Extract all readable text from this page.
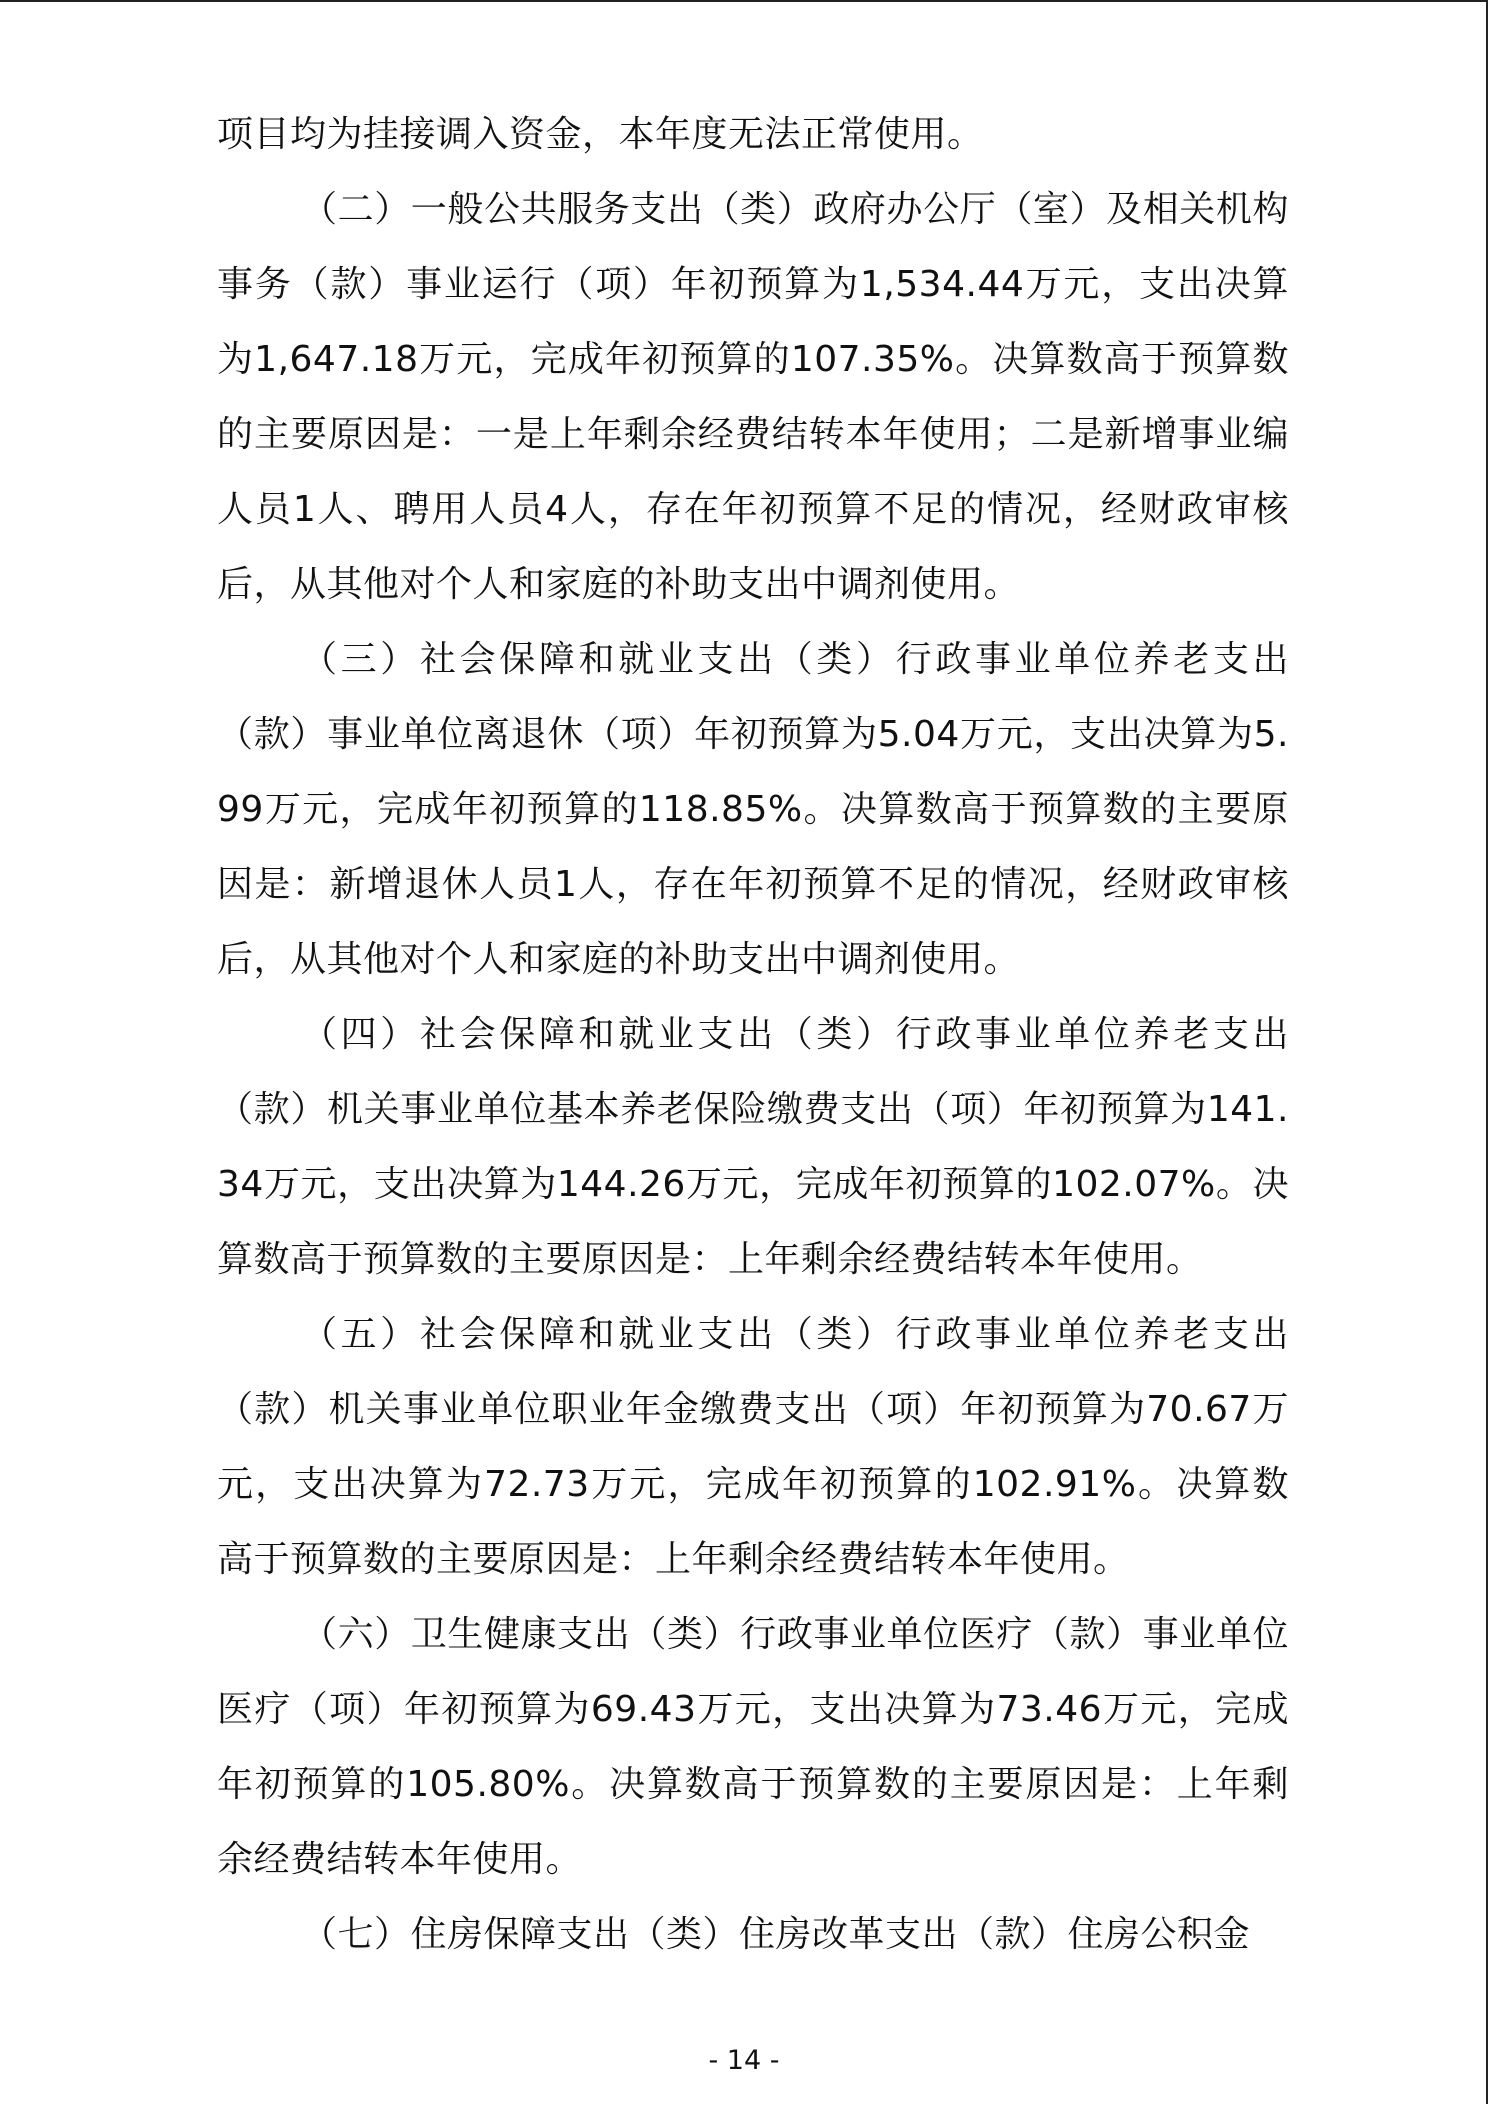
项目均为挂接调入资金，本年度无法正常使用。

（二）一般公共服务支出（类）政府办公厅（室）及相关机构事务（款）事业运行（项）年初预算为1,534.44万元，支出决算为1,647.18万元，完成年初预算的107.35%。决算数高于预算数的主要原因是：一是上年剩余经费结转本年使用；二是新增事业编人员1人、聘用人员4人，存在年初预算不足的情况，经财政审核后，从其他对个人和家庭的补助支出中调剂使用。

（三）社会保障和就业支出（类）行政事业单位养老支出（款）事业单位离退休（项）年初预算为5.04万元，支出决算为5.99万元，完成年初预算的118.85%。决算数高于预算数的主要原因是：新增退休人员1人，存在年初预算不足的情况，经财政审核后，从其他对个人和家庭的补助支出中调剂使用。

（四）社会保障和就业支出（类）行政事业单位养老支出（款）机关事业单位基本养老保险缴费支出（项）年初预算为141.34万元，支出决算为144.26万元，完成年初预算的102.07%。决算数高于预算数的主要原因是：上年剩余经费结转本年使用。

（五）社会保障和就业支出（类）行政事业单位养老支出（款）机关事业单位职业年金缴费支出（项）年初预算为70.67万元，支出决算为72.73万元，完成年初预算的102.91%。决算数高于预算数的主要原因是：上年剩余经费结转本年使用。

（六）卫生健康支出（类）行政事业单位医疗（款）事业单位医疗（项）年初预算为69.43万元，支出决算为73.46万元，完成年初预算的105.80%。决算数高于预算数的主要原因是：上年剩余经费结转本年使用。

（七）住房保障支出（类）住房改革支出（款）住房公积金

- 14 -
